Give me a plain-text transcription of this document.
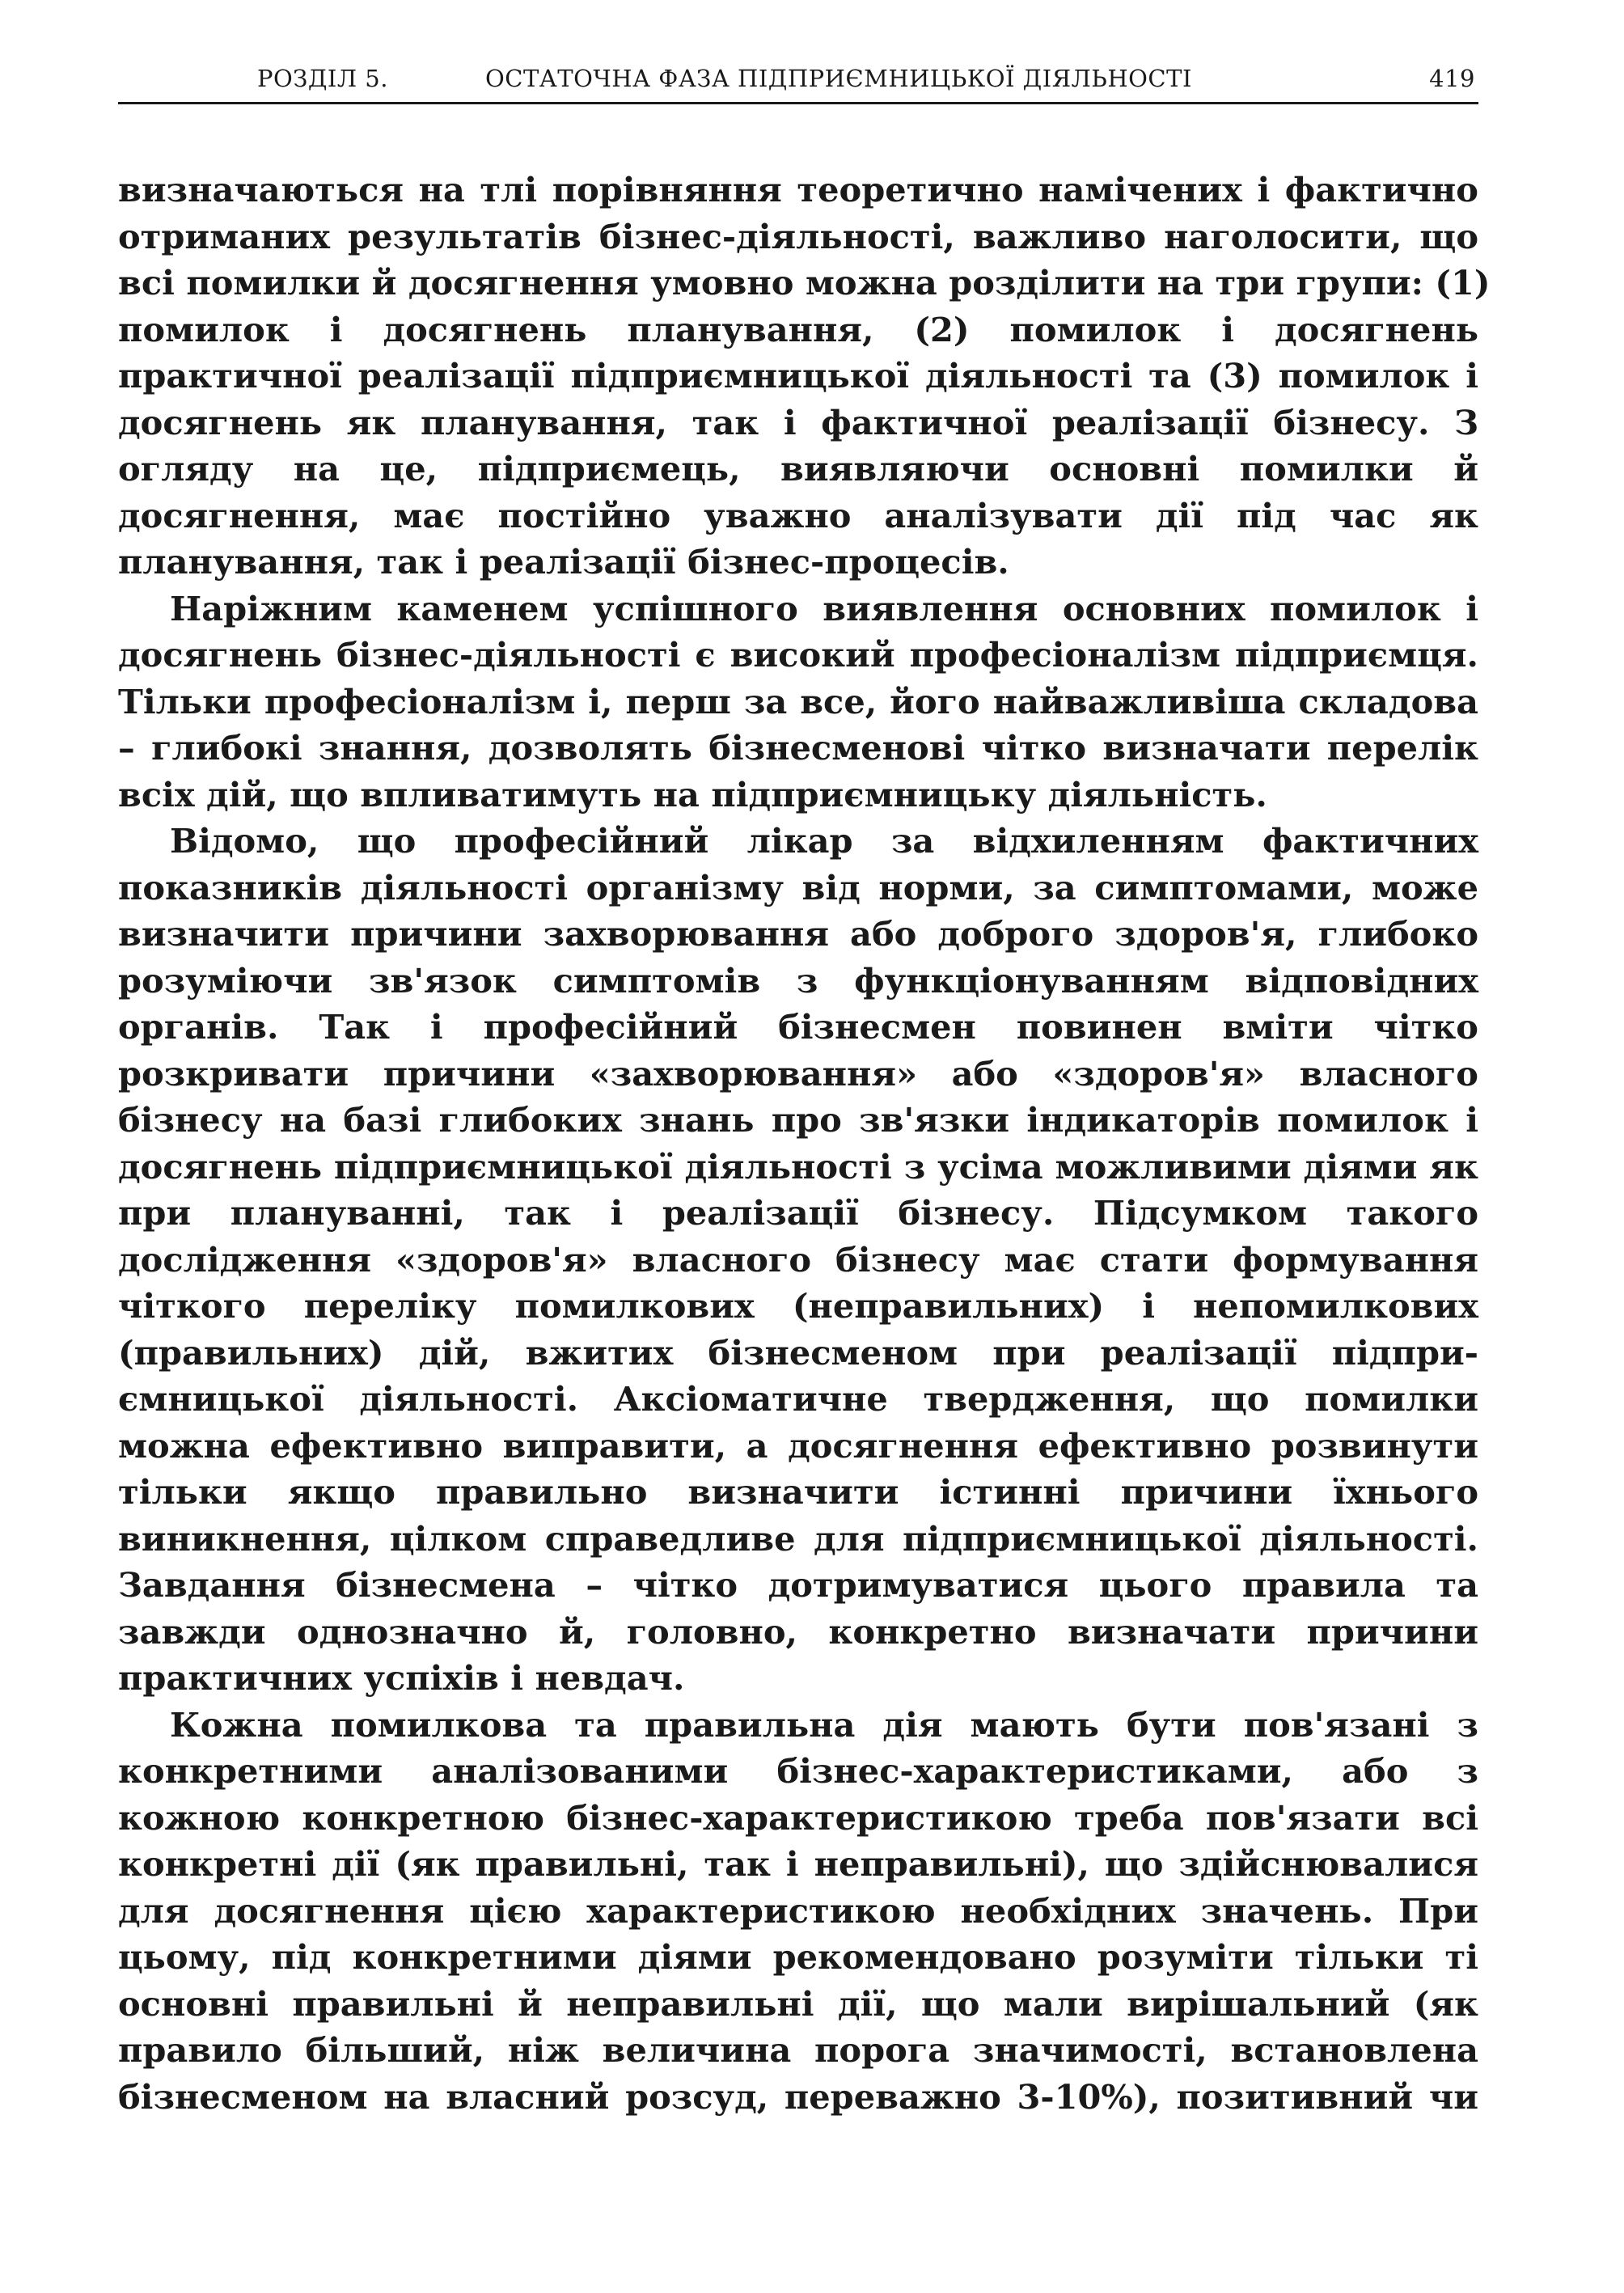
РОЗДІЛ 5.	ОСТАТОЧНА ФАЗА ПІДПРИЄМНИЦЬКОЇ ДІЯЛЬНОСТІ	419
визначаються на тлі порівняння теоретично намічених і фактично
отриманих результатів бізнес-діяльності, важливо наголосити, що
всі помилки й досягнення умовно можна розділити на три групи: (1)
помилок і досягнень планування, (2) помилок і досягнень
практичної реалізації підприємницької діяльності та (3) помилок і
досягнень як планування, так і фактичної реалізації бізнесу. З
огляду на це, підприємець, виявляючи основні помилки й
досягнення, має постійно уважно аналізувати дії під час як
планування, так і реалізації бізнес-процесів.
Наріжним каменем успішного виявлення основних помилок і
досягнень бізнес-діяльності є високий професіоналізм підприємця.
Тільки професіоналізм і, перш за все, його найважливіша складова
– глибокі знання, дозволять бізнесменові чітко визначати перелік
всіх дій, що впливатимуть на підприємницьку діяльність.
Відомо, що професійний лікар за відхиленням фактичних
показників діяльності організму від норми, за симптомами, може
визначити причини захворювання або доброго здоров'я, глибоко
розуміючи зв'язок симптомів з функціонуванням відповідних
органів. Так і професійний бізнесмен повинен вміти чітко
розкривати причини «захворювання» або «здоров'я» власного
бізнесу на базі глибоких знань про зв'язки індикаторів помилок і
досягнень підприємницької діяльності з усіма можливими діями як
при плануванні, так і реалізації бізнесу. Підсумком такого
дослідження «здоров'я» власного бізнесу має стати формування
чіткого переліку помилкових (неправильних) і непомилкових
(правильних) дій, вжитих бізнесменом при реалізації підпри-
ємницької діяльності. Аксіоматичне твердження, що помилки
можна ефективно виправити, а досягнення ефективно розвинути
тільки якщо правильно визначити істинні причини їхнього
виникнення, цілком справедливе для підприємницької діяльності.
Завдання бізнесмена – чітко дотримуватися цього правила та
завжди однозначно й, головно, конкретно визначати причини
практичних успіхів і невдач.
Кожна помилкова та правильна дія мають бути пов'язані з
конкретними аналізованими бізнес-характеристиками, або з
кожною конкретною бізнес-характеристикою треба пов'язати всі
конкретні дії (як правильні, так і неправильні), що здійснювалися
для досягнення цією характеристикою необхідних значень. При
цьому, під конкретними діями рекомендовано розуміти тільки ті
основні правильні й неправильні дії, що мали вирішальний (як
правило більший, ніж величина порога значимості, встановлена
бізнесменом на власний розсуд, переважно 3-10%), позитивний чи
